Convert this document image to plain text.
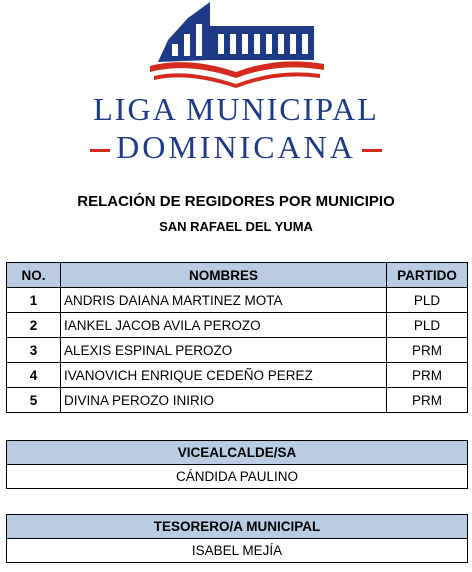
LIGA MUNICIPAL
DOMINICANA
RELACIÓN DE REGIDORES POR MUNICIPIO
SAN RAFAEL DEL YUMA
NO.	NOMBRES	PARTIDO
1	ANDRIS DAIANA MARTINEZ MOTA	PLD
2	IANKEL JACOB AVILA PEROZO	PLD
3	ALEXIS ESPINAL PEROZO	PRM
4	IVANOVICH ENRIQUE CEDEÑO PEREZ	PRM
5	DIVINA PEROZO INIRIO	PRM
VICEALCALDE/SA
CÁNDIDA PAULINO
TESORERO/A MUNICIPAL
ISABEL MEJÍA
